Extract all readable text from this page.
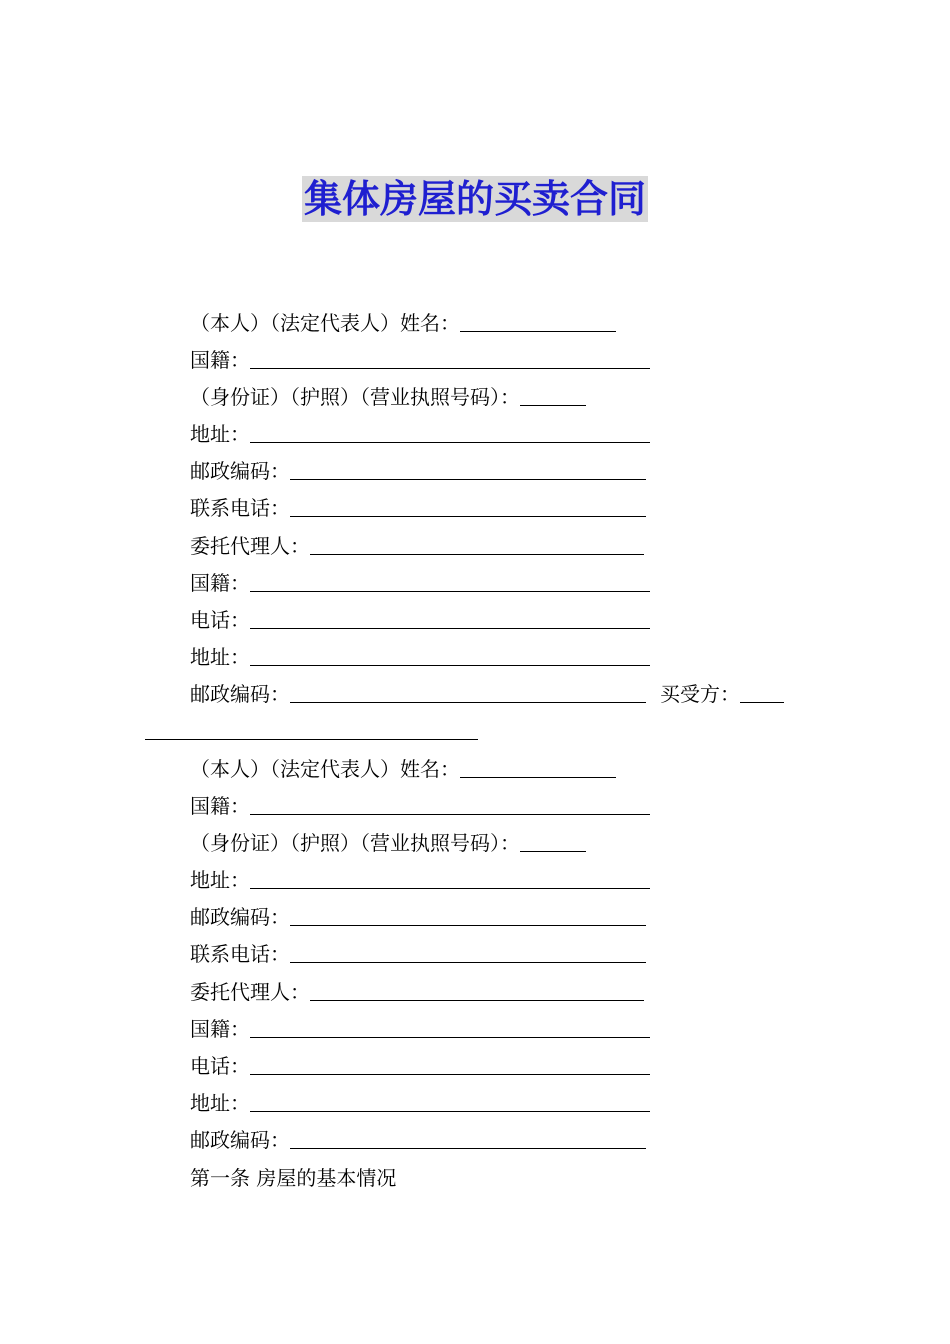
集体房屋的买卖合同
（本人）（法定代表人）姓名：
国籍：
（身份证）（护照）（营业执照号码）：
地址：
邮政编码：
联系电话：
委托代理人：
国籍：
电话：
地址：
邮政编码：	买受方：
（本人）（法定代表人）姓名：
国籍：
（身份证）（护照）（营业执照号码）：
地址：
邮政编码：
联系电话：
委托代理人：
国籍：
电话：
地址：
邮政编码：
第一条 房屋的基本情况
